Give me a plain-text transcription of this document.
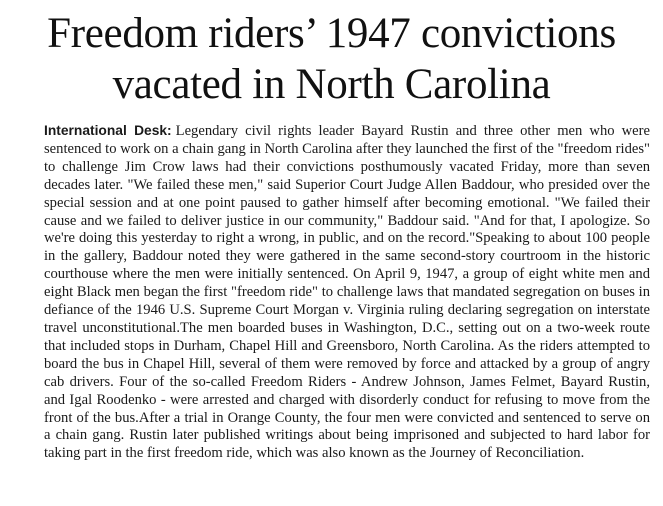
Freedom riders’ 1947 convictions
vacated in North Carolina

International Desk: Legendary civil rights leader Bayard Rustin and three other men who were sentenced to work on a chain gang in North Carolina after they launched the first of the "freedom rides" to challenge Jim Crow laws had their convictions posthumously vacated Friday, more than seven decades later. "We failed these men," said Superior Court Judge Allen Baddour, who presided over the special session and at one point paused to gather himself after becoming emotional. "We failed their cause and we failed to deliver justice in our community," Baddour said. "And for that, I apologize. So we're doing this yesterday to right a wrong, in public, and on the record."Speaking to about 100 people in the gallery, Baddour noted they were gathered in the same second-story courtroom in the historic courthouse where the men were initially sentenced. On April 9, 1947, a group of eight white men and eight Black men began the first "freedom ride" to challenge laws that mandated segregation on buses in defiance of the 1946 U.S. Supreme Court Morgan v. Virginia ruling declaring segregation on interstate travel unconstitutional.The men boarded buses in Washington, D.C., setting out on a two-week route that included stops in Durham, Chapel Hill and Greensboro, North Carolina. As the riders attempted to board the bus in Chapel Hill, several of them were removed by force and attacked by a group of angry cab drivers. Four of the so-called Freedom Riders - Andrew Johnson, James Felmet, Bayard Rustin, and Igal Roodenko - were arrested and charged with disorderly conduct for refusing to move from the front of the bus.After a trial in Orange County, the four men were convicted and sentenced to serve on a chain gang. Rustin later published writings about being imprisoned and subjected to hard labor for taking part in the first freedom ride, which was also known as the Journey of Reconciliation.
